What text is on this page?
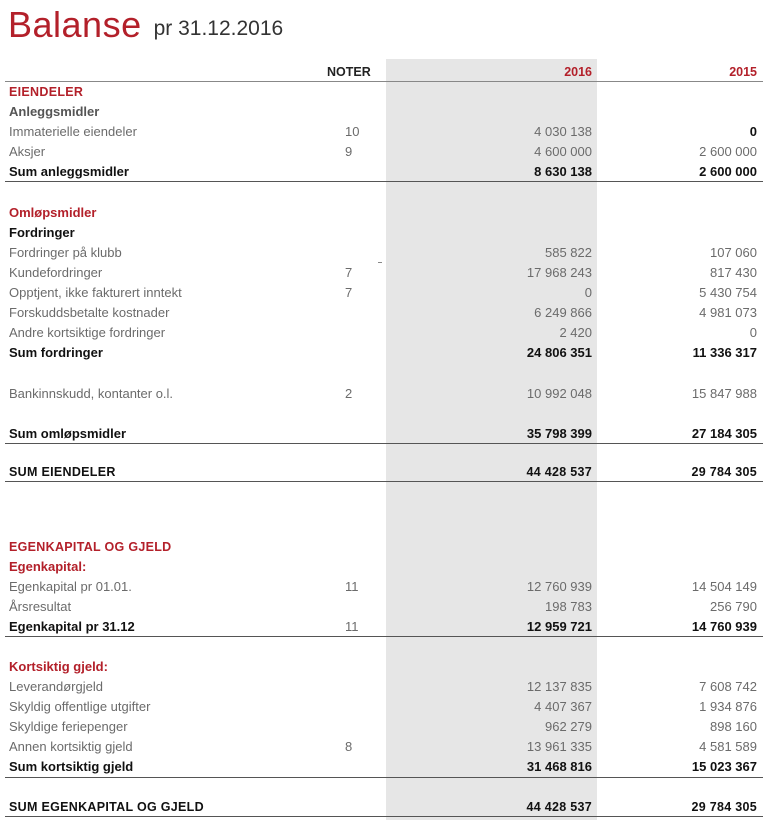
Balanse pr 31.12.2016
NOTER	2016	2015
EIENDELER
Anleggsmidler
Immaterielle eiendeler	10	4 030 138	0
Aksjer	9	4 600 000	2 600 000
Sum anleggsmidler	8 630 138	2 600 000
Omløpsmidler
Fordringer
Fordringer på klubb	585 822	107 060
Kundefordringer	7	17 968 243	817 430
Opptjent, ikke fakturert inntekt	7	0	5 430 754
Forskuddsbetalte kostnader	6 249 866	4 981 073
Andre kortsiktige fordringer	2 420	0
Sum fordringer	24 806 351	11 336 317
Bankinnskudd, kontanter o.l.	2	10 992 048	15 847 988
Sum omløpsmidler	35 798 399	27 184 305
SUM EIENDELER	44 428 537	29 784 305
EGENKAPITAL OG GJELD
Egenkapital:
Egenkapital pr 01.01.	11	12 760 939	14 504 149
Årsresultat	198 783	256 790
Egenkapital pr 31.12	11	12 959 721	14 760 939
Kortsiktig gjeld:
Leverandørgjeld	12 137 835	7 608 742
Skyldig offentlige utgifter	4 407 367	1 934 876
Skyldige feriepenger	962 279	898 160
Annen kortsiktig gjeld	8	13 961 335	4 581 589
Sum kortsiktig gjeld	31 468 816	15 023 367
SUM EGENKAPITAL OG GJELD	44 428 537	29 784 305
